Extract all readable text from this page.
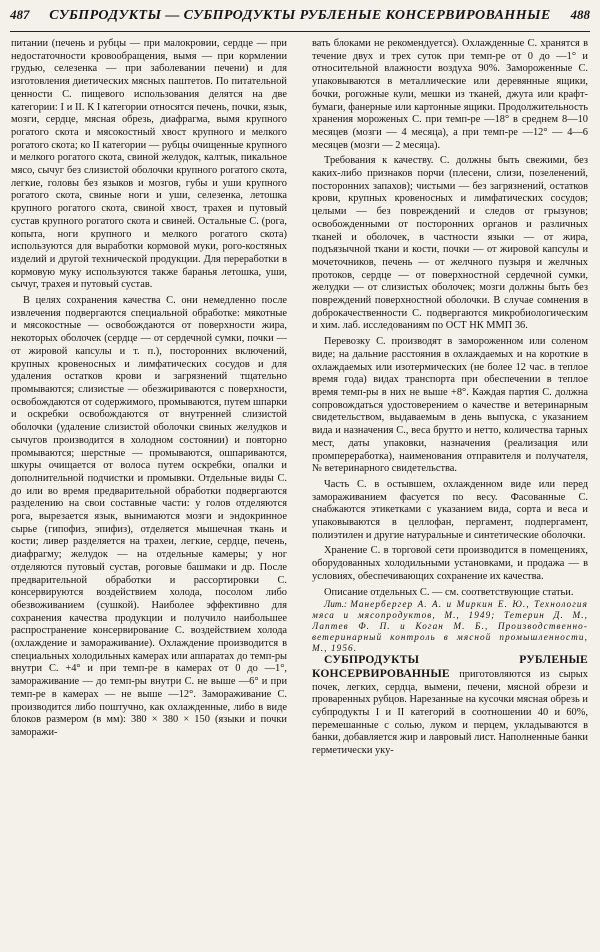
487 СУБПРОДУКТЫ — СУБПРОДУКТЫ РУБЛЕНЫЕ КОНСЕРВИРОВАННЫЕ 488

питании (печень и рубцы — при малокровии, сердце — при недостаточности кровообращения, вымя — при кормлении грудью, селезенка — при заболевании печени) и для изготовления диетических мясных паштетов. По питательной ценности С. пищевого использования делятся на две категории: I и II. К I категории относятся печень, почки, язык, мозги, сердце, мясная обрезь, диафрагма, вымя крупного рогатого скота и мясокостный хвост крупного и мелкого рогатого скота; ко II категории — рубцы очищенные крупного и мелкого рогатого скота, свиной желудок, калтык, пикальное мясо, сычуг без слизистой оболочки крупного рогатого скота, легкие, головы без языков и мозгов, губы и уши крупного рогатого скота, свиные ноги и уши, селезенка, летошка крупного рогатого скота, свиной хвост, трахея и путовый сустав крупного рогатого скота и свиней. Остальные С. (рога, копыта, ноги крупного и мелкого рогатого скота) используются для выработки кормовой муки, рого-костяных изделий и другой технической продукции. Для переработки в кормовую муку используются также баранья летошка, уши, сычуг, трахея и путовый сустав.

В целях сохранения качества С. они немедленно после извлечения подвергаются специальной обработке: мякотные и мясокостные — освобождаются от поверхности жира, некоторых оболочек (сердце — от сердечной сумки, почки — от жировой капсулы и т. п.), посторонних включений, крупных кровеносных и лимфатических сосудов и для удаления остатков крови и загрязнений тщательно промываются; слизистые — обезжириваются с поверхности, освобождаются от содержимого, промываются, путем шпарки и оскребки освобождаются от внутренней слизистой оболочки (удаление слизистой оболочки свиных желудков и сычугов производится в холодном состоянии) и повторно промываются; шерстные — промываются, ошпариваются, шкуры очищается от волоса путем оскребки, опалки и дополнительной подчистки и промывки. Отдельные виды С. до или во время предварительной обработки подвергаются разделению на свои составные части: у голов отделяются рога, вырезается язык, вынимаются мозги и эндокринное сырье (гипофиз, эпифиз), отделяется мышечная ткань и кости; ливер разделяется на трахеи, легкие, сердце, печень, диафрагму; желудок — на отдельные камеры; у ног отделяются путовый сустав, роговые башмаки и др. После предварительной обработки и рассортировки С. консервируются воздействием холода, посолом либо обезвоживанием (сушкой). Наиболее эффективно для сохранения качества продукции и получило наибольшее распространение консервирование С. воздействием холода (охлаждение и замораживание). Охлаждение производится в специальных холодильных камерах или аппаратах до темп-ры внутри С. +4° и при темп-ре в камерах от 0 до —1°, замораживание — до темп-ры внутри С. не выше —6° и при темп-ре в камерах — не выше —12°. Замораживание С. производится либо поштучно, как охлажденные, либо в виде блоков размером (в мм): 380 × 380 × 150 (языки и почки заморажи-

вать блоками не рекомендуется). Охлажденные С. хранятся в течение двух и трех суток при темп-ре от 0 до —1° и относительной влажности воздуха 90%. Замороженные С. упаковываются в металлические или деревянные ящики, бочки, рогожные кули, мешки из тканей, джута или крафт-бумаги, фанерные или картонные ящики. Продолжительность хранения мороженых С. при темп-ре —18° в среднем 8—10 месяцев (мозги — 4 месяца), а при темп-ре —12° — 4—6 месяцев (мозги — 2 месяца).

Требования к качеству. С. должны быть свежими, без каких-либо признаков порчи (плесени, слизи, позеленений, посторонних запахов); чистыми — без загрязнений, остатков крови, крупных кровеносных и лимфатических сосудов; целыми — без повреждений и следов от грызунов; освобожденными от посторонних органов и различных тканей и оболочек, в частности языки — от жира, подъязычной ткани и кости, почки — от жировой капсулы и мочеточников, печень — от желчного пузыря и желчных протоков, сердце — от поверхностной сердечной сумки, желудки — от слизистых оболочек; мозги должны быть без повреждений поверхностной оболочки. В случае сомнения в доброкачественности С. подвергаются микробиологическим и хим. лаб. исследованиям по ОСТ НК ММП 36.

Перевозку С. производят в замороженном или соленом виде; на дальние расстояния в охлаждаемых и на короткие в охлаждаемых или изотермических (не более 12 час. в теплое время года) видах транспорта при обеспечении в теплое время темп-ры в них не выше +8°. Каждая партия С. должна сопровождаться удостоверением о качестве и ветеринарным свидетельством, выдаваемым в день выпуска, с указанием вида и назначения С., веса брутто и нетто, количества тарных мест, даты упаковки, назначения (реализация или промпереработка), наименования отправителя и получателя, № ветеринарного свидетельства.

Часть С. в остывшем, охлажденном виде или перед замораживанием фасуется по весу. Фасованные С. снабжаются этикетками с указанием вида, сорта и веса и упаковываются в целлофан, пергамент, подпергамент, полиэтилен и другие натуральные и синтетические оболочки.

Хранение С. в торговой сети производится в помещениях, оборудованных холодильными установками, и продажа — в условиях, обеспечивающих сохранение их качества.

Описание отдельных С. — см. соответствующие статьи.

Лит.: Манербергер А. А. и Миркин Е. Ю., Технология мяса и мясопродуктов, М., 1949; Тетерин Д. М., Лаптев Ф. П. и Коган М. Б., Производственно-ветеринарный контроль в мясной промышленности, М., 1956.

СУБПРОДУКТЫ РУБЛЕНЫЕ КОНСЕРВИРОВАННЫЕ приготовляются из сырых почек, легких, сердца, вымени, печени, мясной обрези и проваренных рубцов. Нарезанные на кусочки мясная обрезь и субпродукты I и II категорий в соотношении 40 и 60%, перемешанные с солью, луком и перцем, укладываются в банки, добавляется жир и лавровый лист. Наполненные банки герметически уку-
